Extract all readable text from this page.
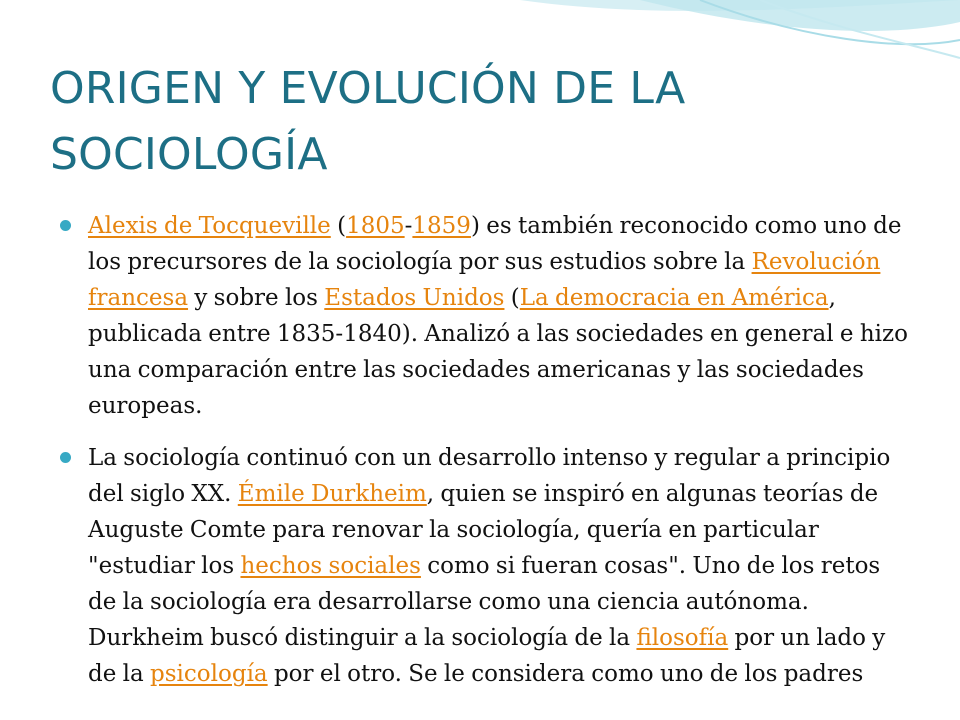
ORIGEN Y EVOLUCIÓN DE LA SOCIOLOGÍA
Alexis de Tocqueville (1805-1859) es también reconocido como uno de los precursores de la sociología por sus estudios sobre la Revolución francesa y sobre los Estados Unidos (La democracia en América, publicada entre 1835-1840). Analizó a las sociedades en general e hizo una comparación entre las sociedades americanas y las sociedades europeas.
La sociología continuó con un desarrollo intenso y regular a principio del siglo XX. Émile Durkheim, quien se inspiró en algunas teorías de Auguste Comte para renovar la sociología, quería en particular "estudiar los hechos sociales como si fueran cosas". Uno de los retos de la sociología era desarrollarse como una ciencia autónoma. Durkheim buscó distinguir a la sociología de la filosofía por un lado y de la psicología por el otro. Se le considera como uno de los padres
